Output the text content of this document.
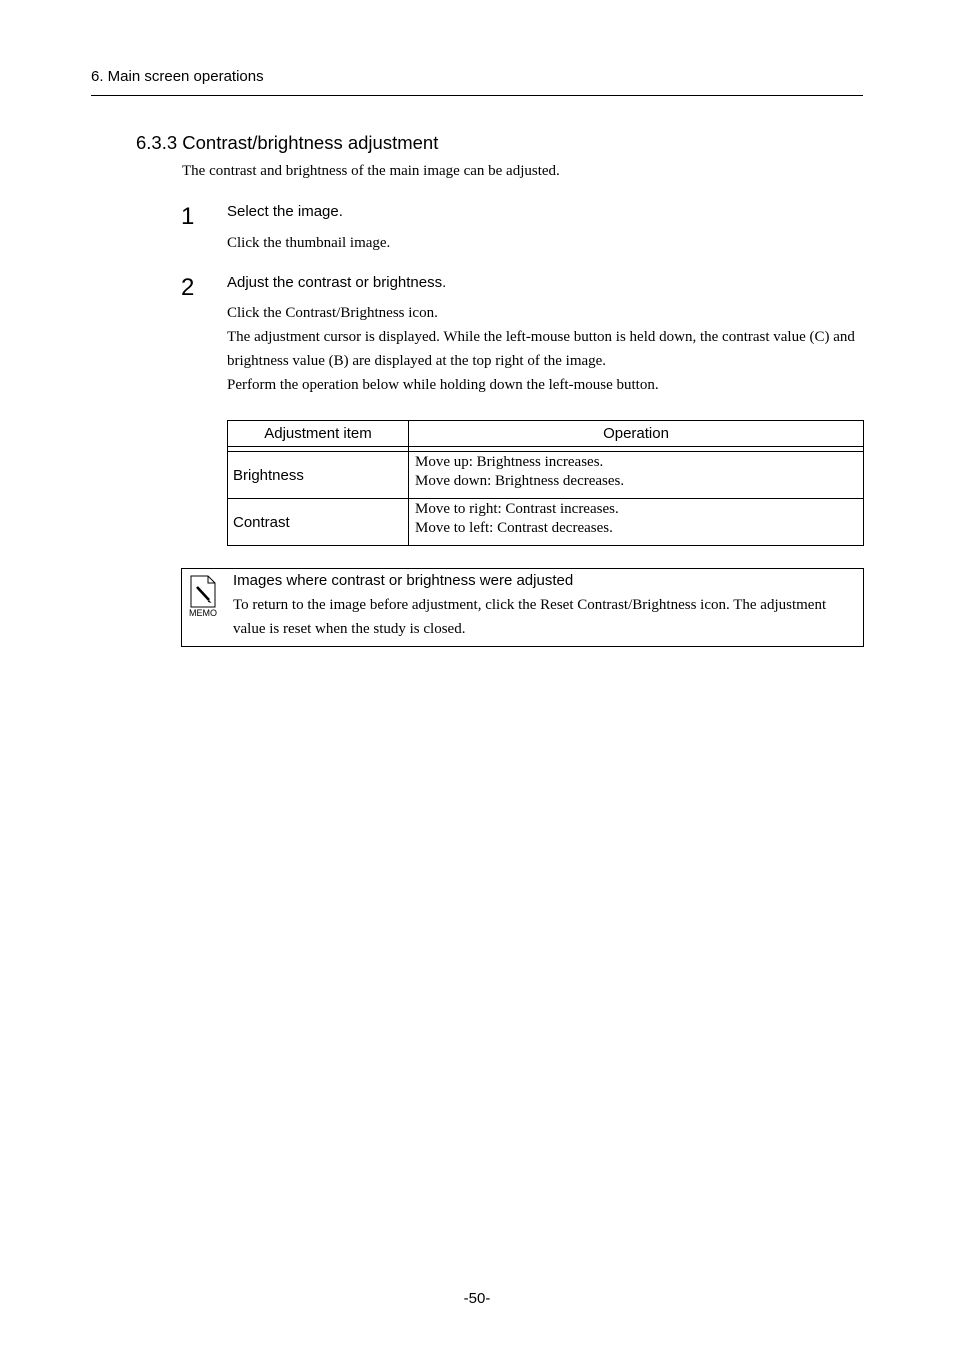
6. Main screen operations
6.3.3 Contrast/brightness adjustment
The contrast and brightness of the main image can be adjusted.
1 Select the image.
Click the thumbnail image.
2 Adjust the contrast or brightness.
Click the Contrast/Brightness icon.
The adjustment cursor is displayed. While the left-mouse button is held down, the contrast value (C) and brightness value (B) are displayed at the top right of the image.
Perform the operation below while holding down the left-mouse button.
Adjustment item	Operation

Brightness	Move up: Brightness increases.
Move down: Brightness decreases.

Contrast	Move to right: Contrast increases.
Move to left: Contrast decreases.
MEMO
Images where contrast or brightness were adjusted
To return to the image before adjustment, click the Reset Contrast/Brightness icon. The adjustment value is reset when the study is closed.
-50-
